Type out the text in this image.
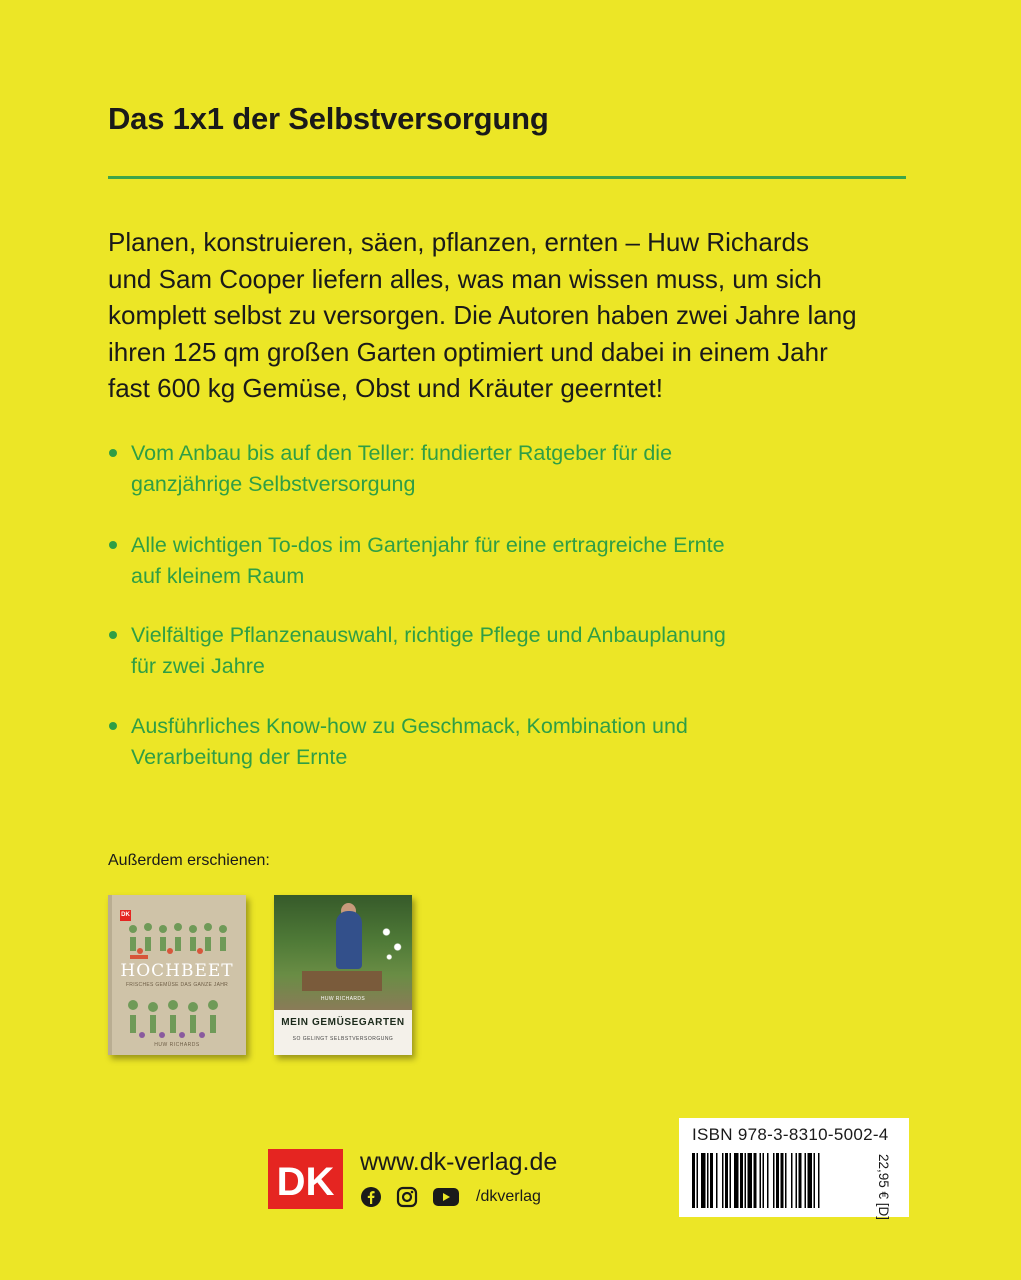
Das 1x1 der Selbstversorgung

Planen, konstruieren, säen, pflanzen, ernten – Huw Richards
und Sam Cooper liefern alles, was man wissen muss, um sich
komplett selbst zu versorgen. Die Autoren haben zwei Jahre lang
ihren 125 qm großen Garten optimiert und dabei in einem Jahr
fast 600 kg Gemüse, Obst und Kräuter geerntet!

Vom Anbau bis auf den Teller: fundierter Ratgeber für die
ganzjährige Selbstversorgung
Alle wichtigen To-dos im Gartenjahr für eine ertragreiche Ernte
auf kleinem Raum
Vielfältige Pflanzenauswahl, richtige Pflege und Anbauplanung
für zwei Jahre
Ausführliches Know-how zu Geschmack, Kombination und
Verarbeitung der Ernte
Außerdem erschienen:
DK
HOCHBEET
FRISCHES GEMÜSE DAS GANZE JAHR
HUW RICHARDS
HUW RICHARDS
MEIN GEMÜSEGARTEN
SO GELINGT SELBSTVERSORGUNG
DK www.dk-verlag.de
/dkverlag
ISBN 978-3-8310-5002-4
22,95 € [D]
